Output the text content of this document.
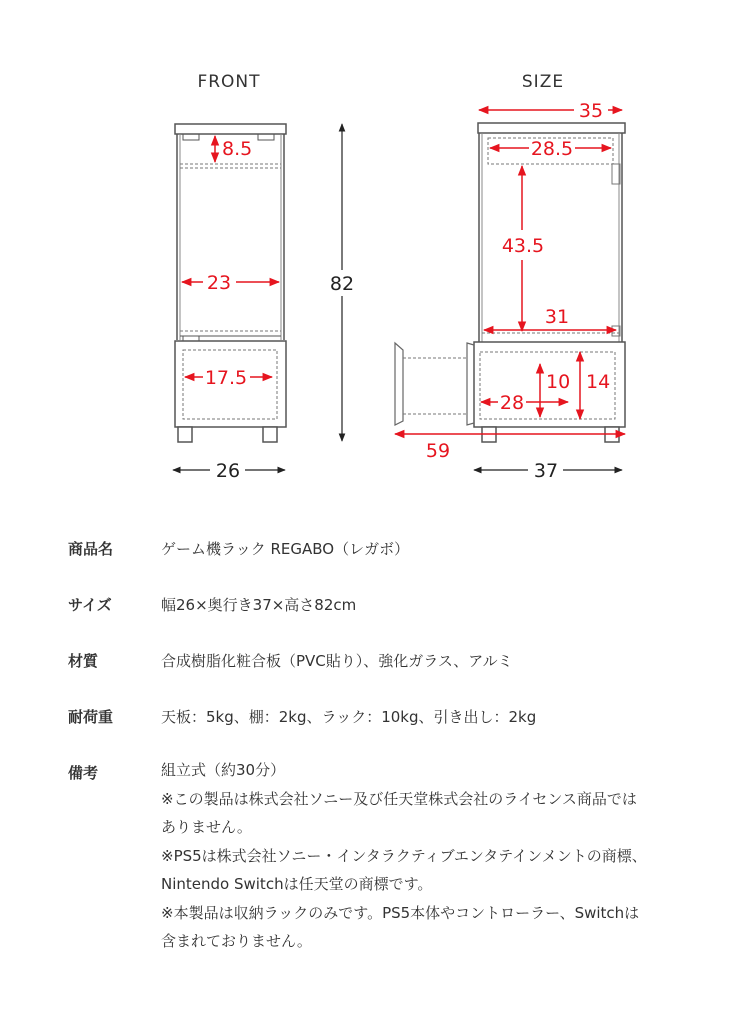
FRONT
8.5
23
17.5
82
26
SIZE
35
28.5
43.5
31
10 14
28
59
37
商品名	ゲーム機ラック REGABO（レガボ）
サイズ	幅26×奥行き37×高さ82cm
材質	合成樹脂化粧合板（PVC貼り）、強化ガラス、アルミ
耐荷重	天板：5kg、棚：2kg、ラック：10kg、引き出し：2kg
備考	組立式（約30分）
※この製品は株式会社ソニー及び任天堂株式会社のライセンス商品では
ありません。
※PS5は株式会社ソニー・インタラクティブエンタテインメントの商標、
Nintendo Switchは任天堂の商標です。
※本製品は収納ラックのみです。PS5本体やコントローラー、Switchは
含まれておりません。
